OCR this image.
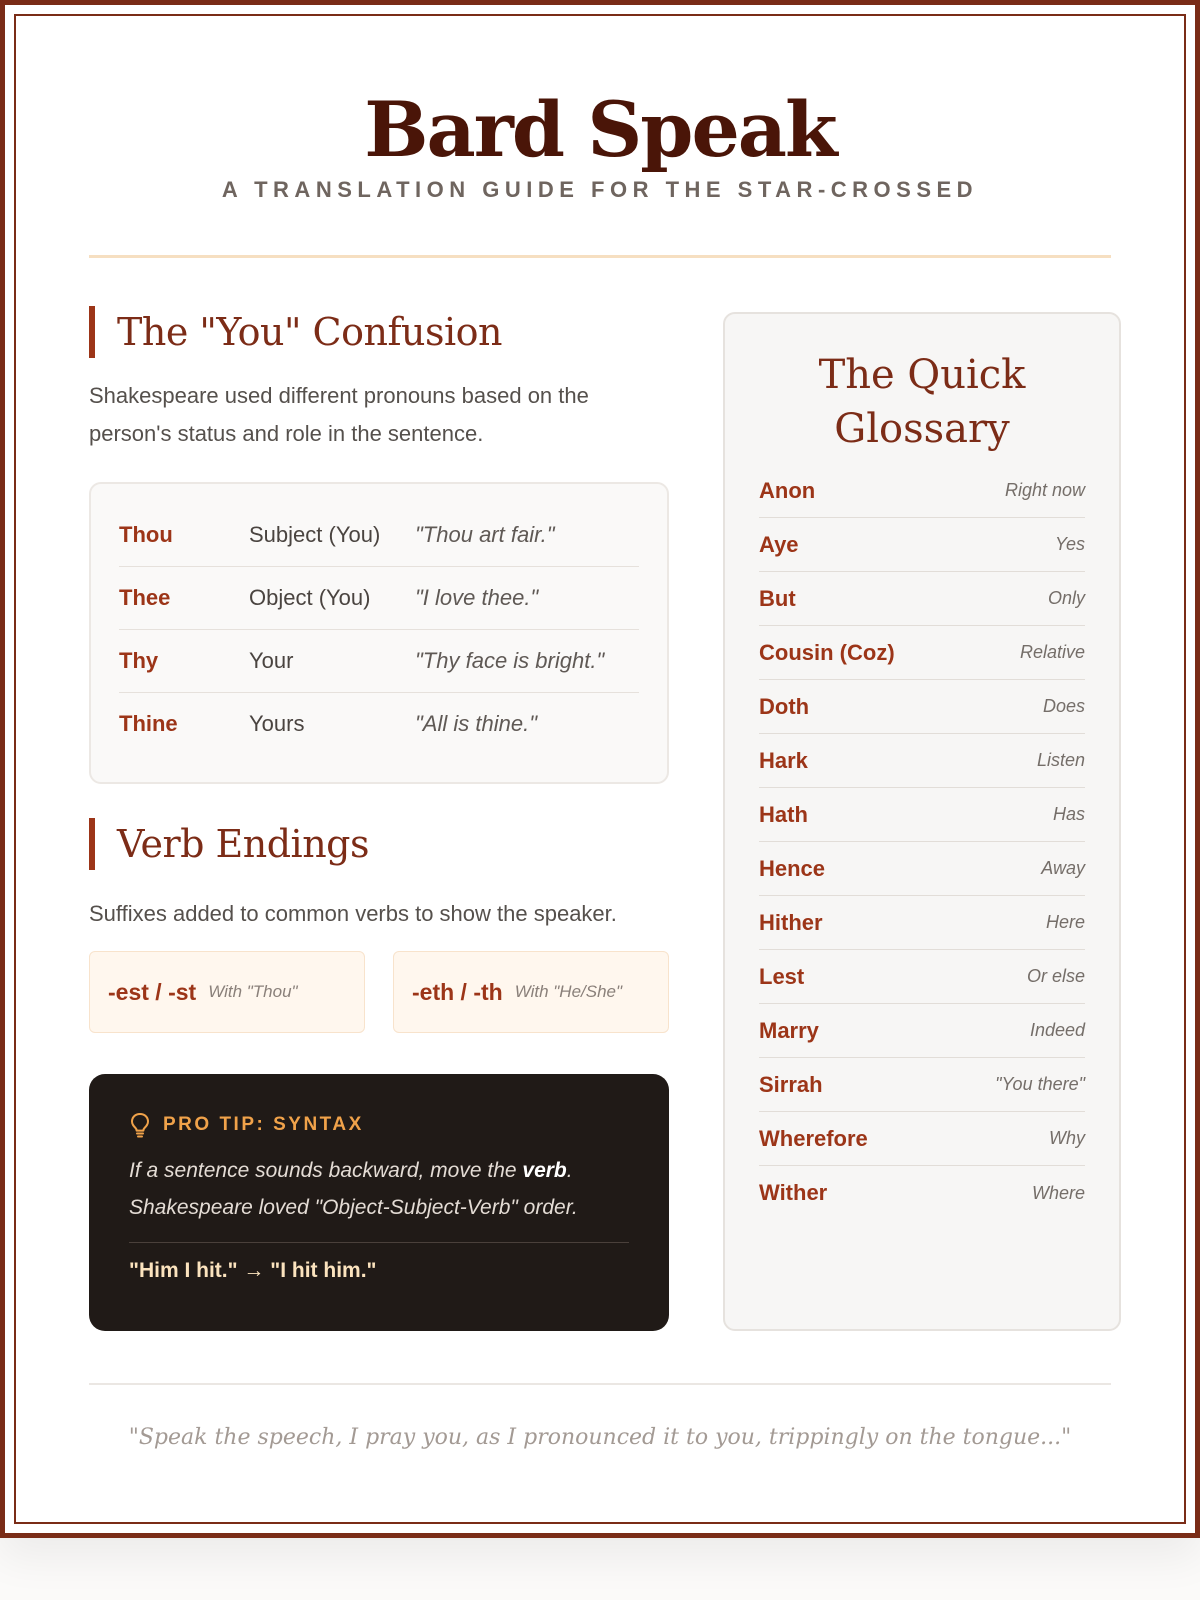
Bard Speak
A TRANSLATION GUIDE FOR THE STAR-CROSSED
The "You" Confusion
Shakespeare used different pronouns based on the person's status and role in the sentence.
Thou	Subject (You)	"Thou art fair."
Thee	Object (You)	"I love thee."
Thy	Your	"Thy face is bright."
Thine	Yours	"All is thine."
Verb Endings
Suffixes added to common verbs to show the speaker.
-est / -st With "Thou"	-eth / -th With "He/She"
PRO TIP: SYNTAX
If a sentence sounds backward, move the verb. Shakespeare loved "Object-Subject-Verb" order.
"Him I hit." → "I hit him."
The Quick Glossary
Anon	Right now
Aye	Yes
But	Only
Cousin (Coz)	Relative
Doth	Does
Hark	Listen
Hath	Has
Hence	Away
Hither	Here
Lest	Or else
Marry	Indeed
Sirrah	"You there"
Wherefore	Why
Wither	Where
"Speak the speech, I pray you, as I pronounced it to you, trippingly on the tongue..."
